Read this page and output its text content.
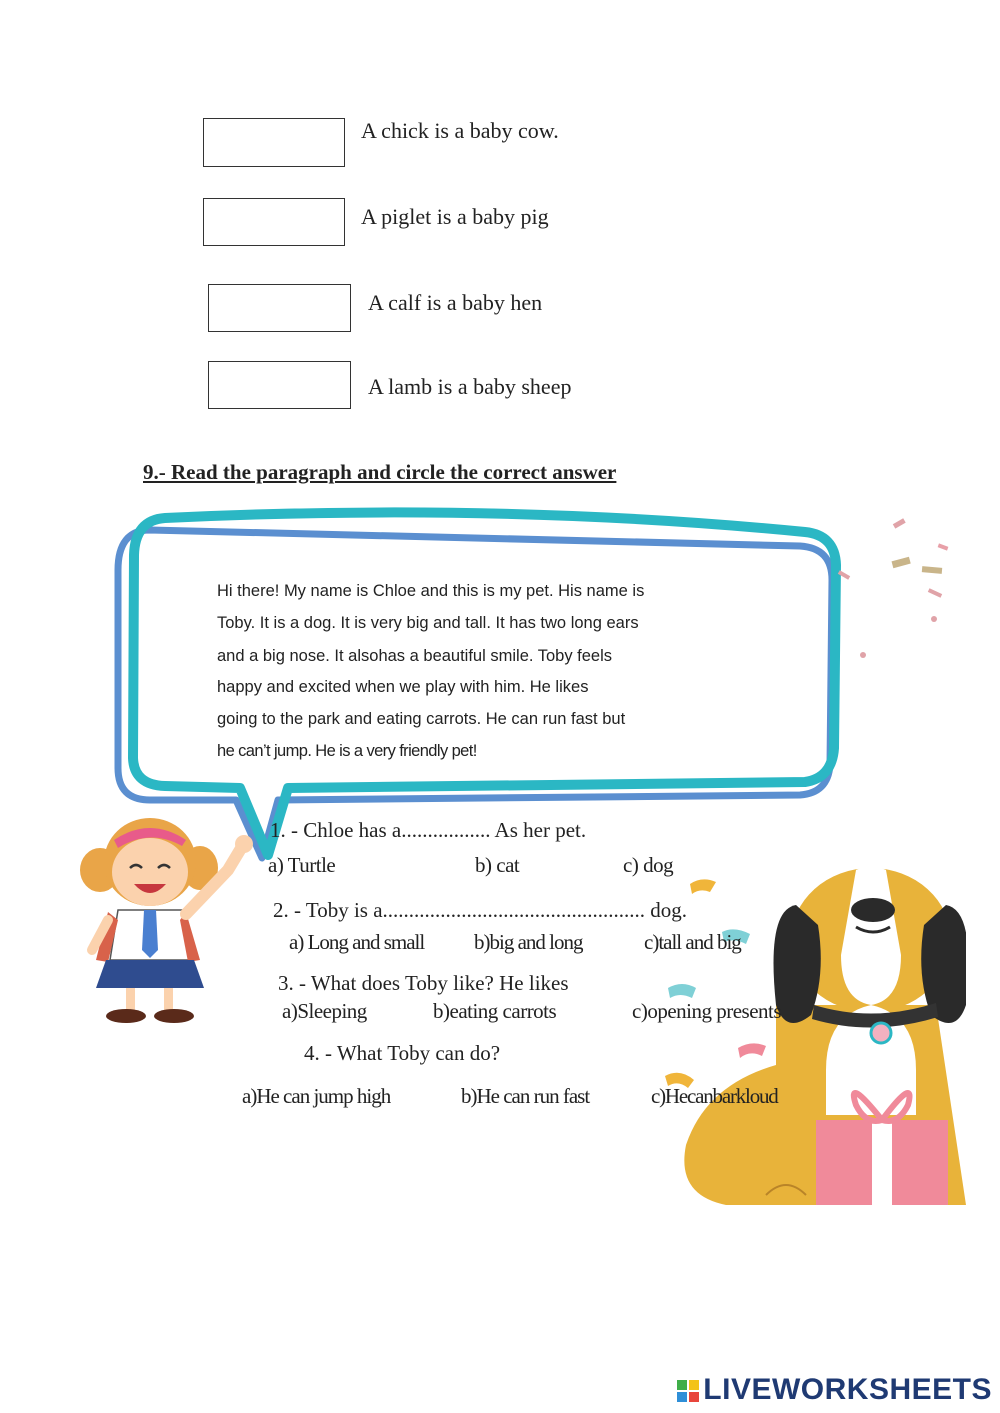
A chick is a baby cow.
A piglet is a baby pig
A calf is a baby hen
A lamb is a baby sheep
9.- Read the paragraph and circle the correct answer
Hi there! My name is Chloe and this is my pet. His name is
Toby. It is a dog. It is very big and tall. It has two long ears
and a big nose. It alsohas a beautiful smile. Toby feels
happy and excited when we play with him. He likes
going to the park and eating carrots. He can run fast but
he can’t jump. He is a very friendly pet!
1. - Chloe has a................. As her pet.
a) Turtle	b) cat	c) dog
2. - Toby is a.................................................. dog.
a) Long and small b)big and long	c)tall and big
3. - What does Toby like? He likes
a)Sleeping	b)eating carrots	c)opening presents
4. - What Toby can do?
a)He can jump high	b)He can run fast	c)Hecanbarkloud
LIVEWORKSHEETS
